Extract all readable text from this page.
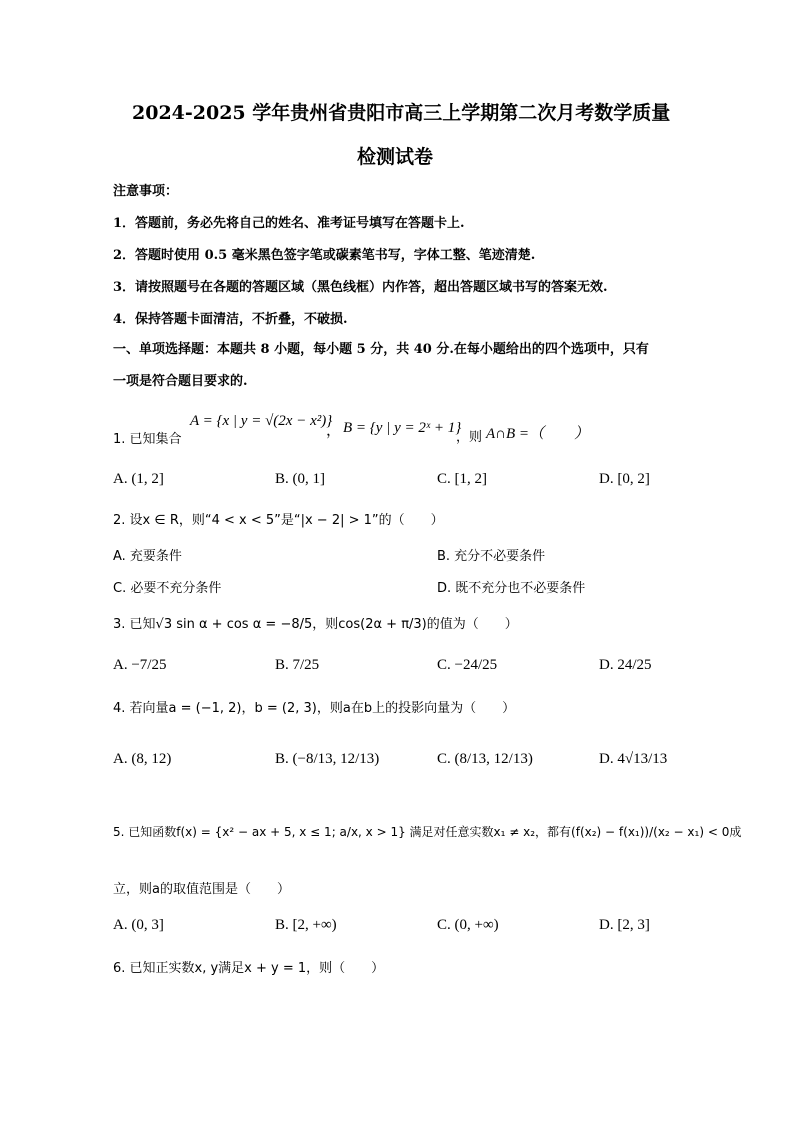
2024-2025 学年贵州省贵阳市高三上学期第二次月考数学质量
检测试卷
注意事项：
1．答题前，务必先将自己的姓名、准考证号填写在答题卡上.
2．答题时使用 0.5 毫米黑色签字笔或碳素笔书写，字体工整、笔迹清楚.
3．请按照题号在各题的答题区域（黑色线框）内作答，超出答题区域书写的答案无效.
4．保持答题卡面清洁，不折叠，不破损.
一、单项选择题：本题共 8 小题，每小题 5 分，共 40 分.在每小题给出的四个选项中，只有
一项是符合题目要求的.
1. 已知集合
A = {x | y = √(2x − x²)}
， B = {y | y = 2ˣ + 1}
，则 A∩B =（　　）
A. (1, 2]	B. (0, 1]	C. [1, 2]	D. [0, 2]
2. 设x ∈ R，则“4 < x < 5”是“|x − 2| > 1”的（　　）
A. 充要条件	B. 充分不必要条件
C. 必要不充分条件	D. 既不充分也不必要条件
3. 已知√3 sin α + cos α = −8/5，则cos(2α + π/3)的值为（　　）
A. −7/25	B. 7/25	C. −24/25	D. 24/25
4. 若向量a = (−1, 2)，b = (2, 3)，则a在b上的投影向量为（　　）
A. (8, 12)	B. (−8/13, 12/13)	C. (8/13, 12/13)	D. 4√13/13
5. 已知函数f(x) = {x² − ax + 5, x ≤ 1; a/x, x > 1} 满足对任意实数x₁ ≠ x₂，都有(f(x₂) − f(x₁))/(x₂ − x₁) < 0成
立，则a的取值范围是（　　）
A. (0, 3]	B. [2, +∞)	C. (0, +∞)	D. [2, 3]
6. 已知正实数x, y满足x + y = 1，则（　　）
